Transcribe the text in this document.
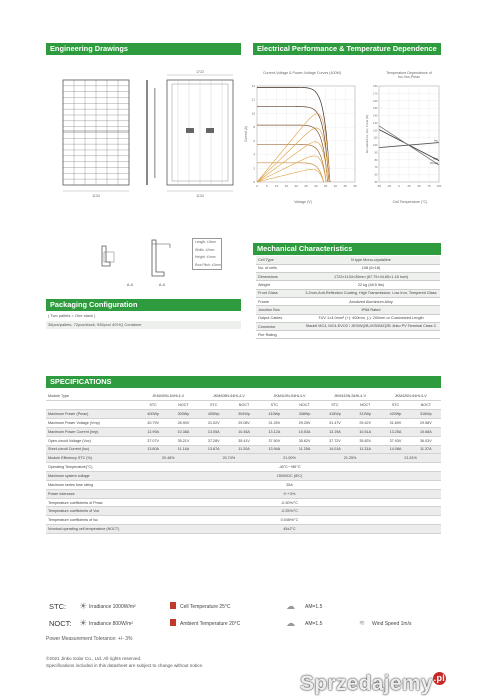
Engineering Drawings	Electrical Performance & Temperature Dependence
Mechanical Characteristics
Packaging Configuration
SPECIFICATIONS
1134	1134
1722
A-A
A-A
Length: ±2mm
Width: ±2mm
Height: ±1mm
Row Pitch: ±2mm
Current-Voltage & Power-Voltage Curves (400W)
0	5 10 15 20 25 30 35 40 45 50
0
2
4
6
8
10
12
14
Current (A)
Voltage (V)
Temperature Dependence of Isc,Voc,Pmax
-50 -25	0	25 50 75 100
50
60
70
80
90
100
110
120
130
140
150
160
170
180
Normalized Isc, Voc, Pmax (%)	Isc
Voc
Pmax
Cell Temperature (°C)
Cell Type	N type Mono-crystalline
No. of cells	108 (6×18)
Dimensions	1722×1134×30mm (67.79×44.65×1.18 inch)
Weight	22 kg (48.5 lbs)
Front Glass	3.2mm,Anti-Reflection Coating, High Transmission, Low Iron, Tempered Glass
Frame	Anodized Aluminium Alloy
Junction Box	IP68 Rated
Output Cables	TUV 1×4.0mm² (+): 400mm, (-): 200mm or Customized Length
Connector	Staubli MC4, MC4-EVO2 / JKSIW(2B,JKSDMZ)2B Jinko PV Terminal Class C
Fire Rating	
( Two pallets = One stack )
36pcs/pallets, 72pcs/stack, 936pcs/ 40'HQ Container
Module Type	JKM400N-54HL4-V		JKM405N-54HL4-V		JKM410N-54HL4-V		JKM415N-54HL4-V		JKM420N-54HL4-V	
	STC	NOCT	STC	NOCT	STC	NOCT	STC	NOCT	STC	NOCT
Maximum Power (Pmax)	400Wp	300Wp	405Wp	304Wp	410Wp	308Wp	415Wp	312Wp	420Wp	316Wp
Maximum Power Voltage (Vmp)	30.79V	28.90V	31.02V	29.08V	31.25V	29.25V	31.47V	29.42V	31.69V	29.58V
Maximum Power Current (Imp)	12.99A	10.38A	13.05A	10.45A	13.12A	10.53A	13.19A	10.61A	13.25A	10.68A
Open-circuit Voltage (Voc)	37.07V	35.21V	37.28V	35.41V	37.50V	35.62V	37.72V	35.83V	37.93V	36.03V
Short-circuit Current (Isc)	13.80A	11.14A	13.87A	11.20A	13.94A	11.25A	14.01A	11.31A	14.08A	11.37A
Module Efficiency STC (%)	20.48%		20.74%		21.00%		21.25%		21.51%	
Operating Temperature(°C)	-40°C~+85°C									
Maximum system voltage	1500VDC (IEC)									
Maximum series fuse rating	25A									
Power tolerance	0~+3%									
Temperature coefficients of Pmax	-0.30%/°C									
Temperature coefficients of Voc	-0.25%/°C									
Temperature coefficients of Isc	0.046%/°C									
Nominal operating cell temperature (NOCT)	45±2°C									
STC:
NOCT:
☀ Irradiance 1000W/m²	Cell Temperature 25°C	☁ AM=1.5
☀ Irradiance 800W/m²	Ambient Temperature 20°C	☁ AM=1.5	≋ Wind Speed 1m/s
Power Measurement Tolerance: +/- 3%
©2021 Jinko Solar Co., Ltd. All rights reserved.
Specifications included in this datasheet are subject to change without notice.
Sprzedajemy$^{.pl}$
